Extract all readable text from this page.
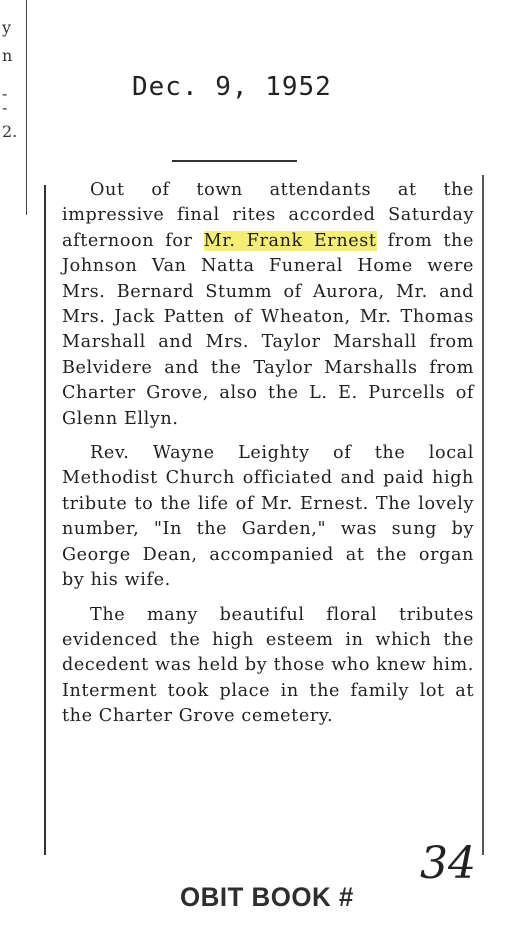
y
n
-
-
2.
Dec. 9, 1952

Out of town attendants at the impressive final rites accorded Saturday afternoon for Mr. Frank Ernest from the Johnson Van Natta Funeral Home were Mrs. Bernard Stumm of Aurora, Mr. and Mrs. Jack Patten of Wheaton, Mr. Thomas Marshall and Mrs. Taylor Marshall from Belvidere and the Taylor Marshalls from Charter Grove, also the L. E. Purcells of Glenn Ellyn.

Rev. Wayne Leighty of the local Methodist Church officiated and paid high tribute to the life of Mr. Ernest. The lovely number, "In the Garden," was sung by George Dean, accompanied at the organ by his wife.

The many beautiful floral tributes evidenced the high esteem in which the decedent was held by those who knew him. Interment took place in the family lot at the Charter Grove cemetery.

OBIT BOOK #
34
